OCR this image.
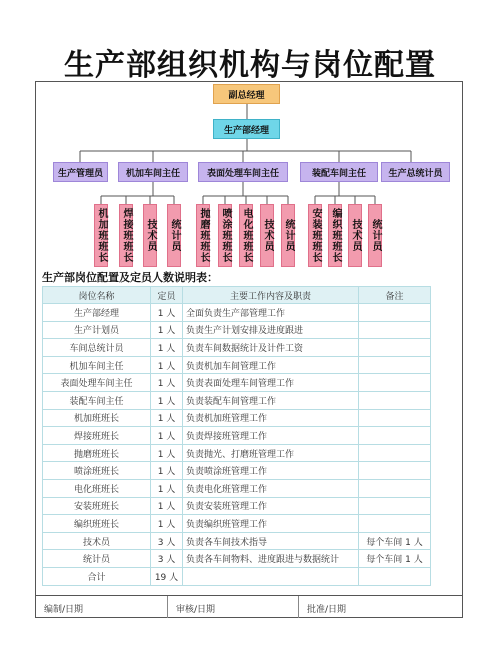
生产部组织机构与岗位配置
副总经理
生产部经理
生产管理员	机加车间主任	表面处理车间主任	装配车间主任	生产总统计员
机加班班长 焊接班班长 技术员 统计员 抛磨班班长 喷涂班班长 电化班班长 技术员 统计员 安装班班长 编织班班长 技术员 统计员
生产部岗位配置及定员人数说明表：
岗位名称	定员	主要工作内容及职责	备注
生产部经理	1 人	全面负责生产部管理工作	
生产计划员	1 人	负责生产计划安排及进度跟进	
车间总统计员	1 人	负责车间数据统计及计件工资	
机加车间主任	1 人	负责机加车间管理工作	
表面处理车间主任	1 人	负责表面处理车间管理工作	
装配车间主任	1 人	负责装配车间管理工作	
机加班班长	1 人	负责机加班管理工作	
焊接班班长	1 人	负责焊接班管理工作	
抛磨班班长	1 人	负责抛光、打磨班管理工作	
喷涂班班长	1 人	负责喷涂班管理工作	
电化班班长	1 人	负责电化班管理工作	
安装班班长	1 人	负责安装班管理工作	
编织班班长	1 人	负责编织班管理工作	
技术员	3 人	负责各车间技术指导	每个车间 1 人
统计员	3 人	负责各车间物料、进度跟进与数据统计	每个车间 1 人
合计	19 人		
编制/日期	审核/日期	批准/日期
